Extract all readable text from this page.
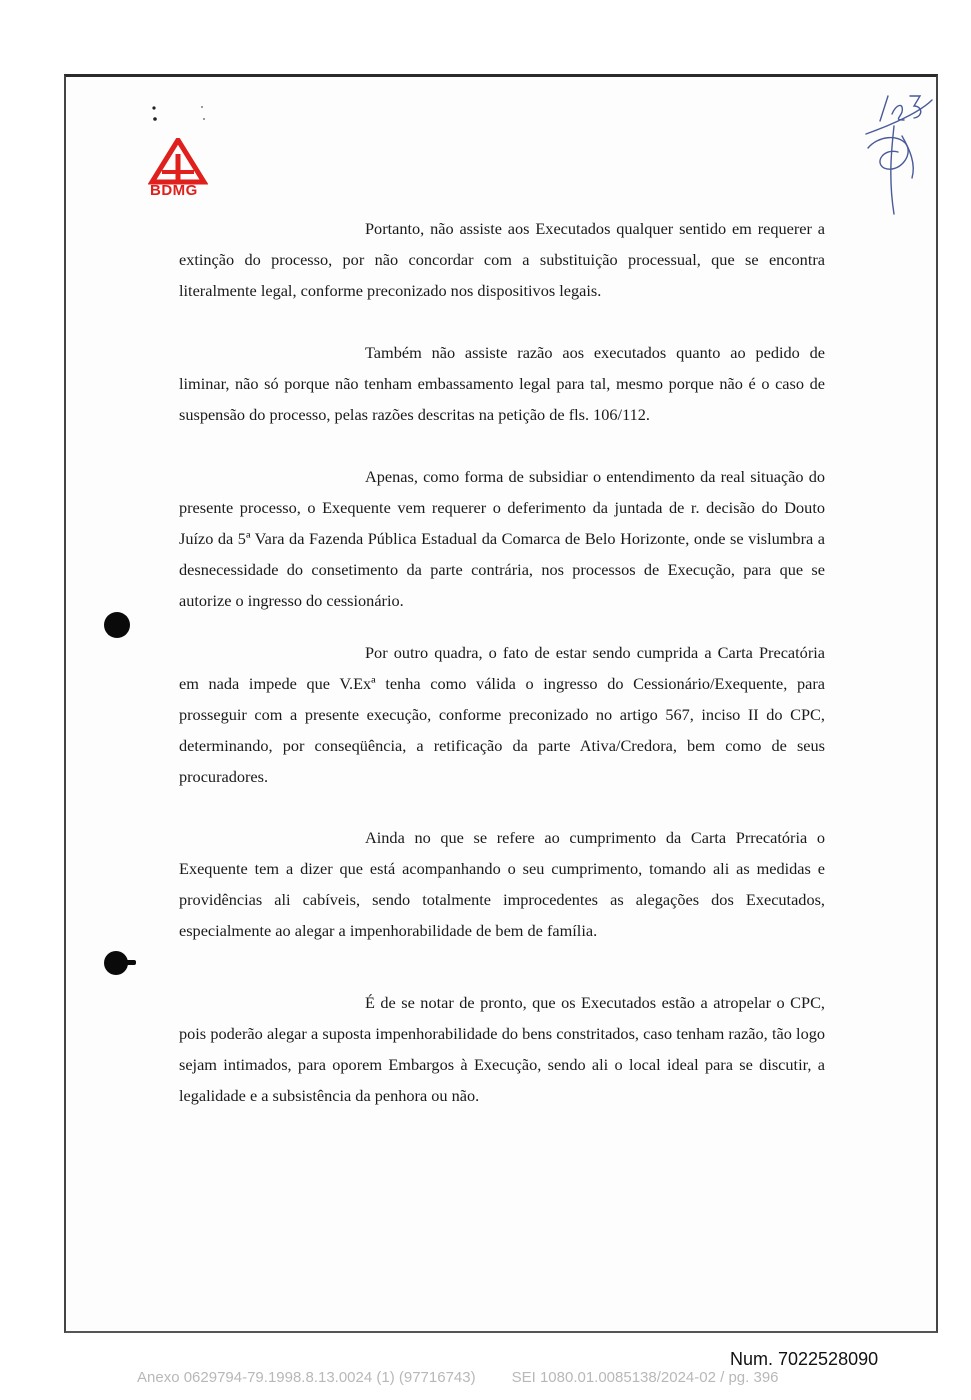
BDMG

Portanto, não assiste aos Executados qualquer sentido em requerer a extinção do processo, por não concordar com a substituição processual, que se encontra literalmente legal, conforme preconizado nos dispositivos legais.

Também não assiste razão aos executados quanto ao pedido de liminar, não só porque não tenham embassamento legal para tal, mesmo porque não é o caso de suspensão do processo, pelas razões descritas na petição de fls. 106/112.

Apenas, como forma de subsidiar o entendimento da real situação do presente processo, o Exequente vem requerer o deferimento da juntada de r. decisão do Douto Juízo da 5ª Vara da Fazenda Pública Estadual da Comarca de Belo Horizonte, onde se vislumbra a desnecessidade do consetimento da parte contrária, nos processos de Execução, para que se autorize o ingresso do cessionário.

Por outro quadra, o fato de estar sendo cumprida a Carta Precatória em nada impede que V.Exª tenha como válida o ingresso do Cessionário/Exequente, para prosseguir com a presente execução, conforme preconizado no artigo 567, inciso II do CPC, determinando, por conseqüência, a retificação da parte Ativa/Credora, bem como de seus procuradores.

Ainda no que se refere ao cumprimento da Carta Prrecatória o Exequente tem a dizer que está acompanhando o seu cumprimento, tomando ali as medidas e providências ali cabíveis, sendo totalmente improcedentes as alegações dos Executados, especialmente ao alegar a impenhorabilidade de bem de família.

É de se notar de pronto, que os Executados estão a atropelar o CPC, pois poderão alegar a suposta impenhorabilidade do bens constritados, caso tenham razão, tão logo sejam intimados, para oporem Embargos à Execução, sendo ali o local ideal para se discutir, a legalidade e a subsistência da penhora ou não.

Num. 7022528090
Anexo 0629794-79.1998.8.13.0024 (1) (97716743) SEI 1080.01.0085138/2024-02 / pg. 396
